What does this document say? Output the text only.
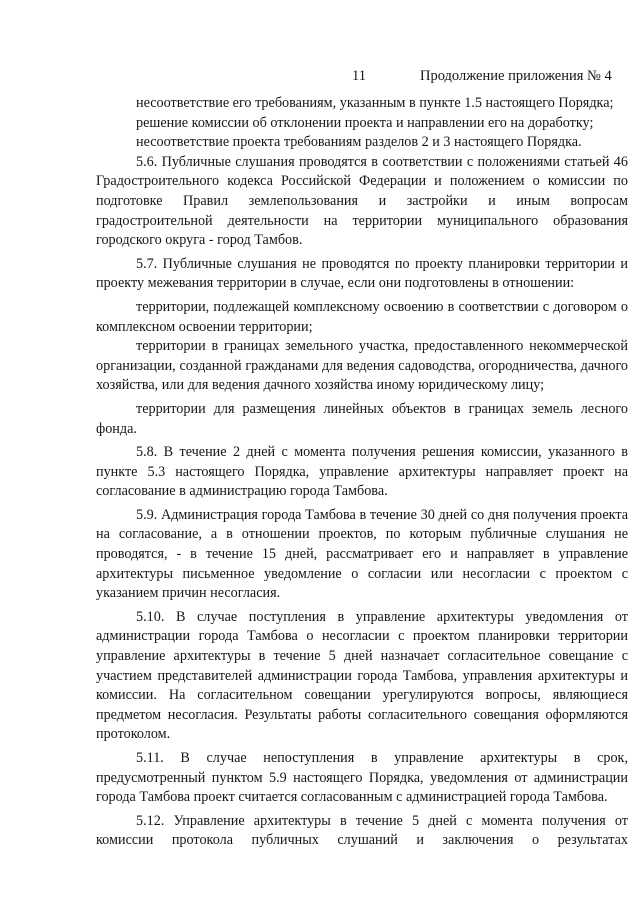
11	Продолжение приложения № 4

несоответствие его требованиям, указанным в пункте 1.5 настоящего Порядка;

решение комиссии об отклонении проекта и направлении его на доработку;

несоответствие проекта требованиям разделов 2 и 3 настоящего Порядка.

5.6. Публичные слушания проводятся в соответствии с положениями статьей 46 Градостроительного кодекса Российской Федерации и положением о комиссии по подготовке Правил землепользования и застройки и иным вопросам градостроительной деятельности на территории муниципального образования городского округа - город Тамбов.

5.7. Публичные слушания не проводятся по проекту планировки территории и проекту межевания территории в случае, если они подготовлены в отношении:

территории, подлежащей комплексному освоению в соответствии с договором о комплексном освоении территории;

территории в границах земельного участка, предоставленного некоммерческой организации, созданной гражданами для ведения садоводства, огородничества, дачного хозяйства, или для ведения дачного хозяйства иному юридическому лицу;

территории для размещения линейных объектов в границах земель лесного фонда.

5.8. В течение 2 дней с момента получения решения комиссии, указанного в пункте 5.3 настоящего Порядка, управление архитектуры направляет проект на согласование в администрацию города Тамбова.

5.9. Администрация города Тамбова в течение 30 дней со дня получения проекта на согласование, а в отношении проектов, по которым публичные слушания не проводятся, - в течение 15 дней, рассматривает его и направляет в управление архитектуры письменное уведомление о согласии или несогласии с проектом с указанием причин несогласия.

5.10. В случае поступления в управление архитектуры уведомления от администрации города Тамбова о несогласии с проектом планировки территории управление архитектуры в течение 5 дней назначает согласительное совещание с участием представителей администрации города Тамбова, управления архитектуры и комиссии. На согласительном совещании урегулируются вопросы, являющиеся предметом несогласия. Результаты работы согласительного совещания оформляются протоколом.

5.11. В случае непоступления в управление архитектуры в срок, предусмотренный пунктом 5.9 настоящего Порядка, уведомления от администрации города Тамбова проект считается согласованным с администрацией города Тамбова.

5.12. Управление архитектуры в течение 5 дней с момента получения от комиссии протокола публичных слушаний и заключения о результатах
